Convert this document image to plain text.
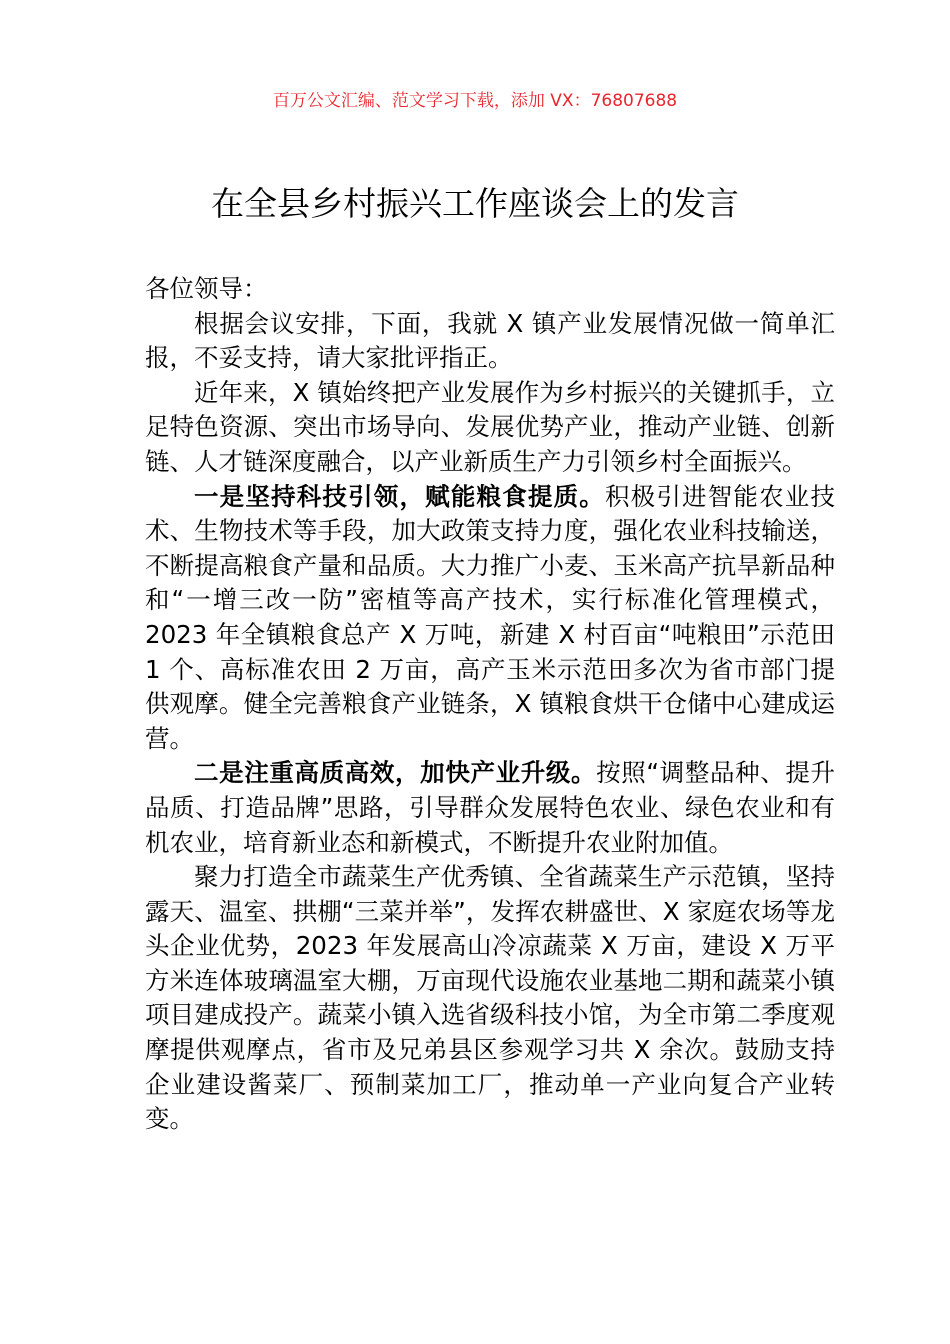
百万公文汇编、范文学习下载，添加 VX：76807688
在全县乡村振兴工作座谈会上的发言

各位领导：

根据会议安排，下面，我就 X 镇产业发展情况做一简单汇报，不妥支持，请大家批评指正。

近年来，X 镇始终把产业发展作为乡村振兴的关键抓手，立足特色资源、突出市场导向、发展优势产业，推动产业链、创新链、人才链深度融合，以产业新质生产力引领乡村全面振兴。

一是坚持科技引领，赋能粮食提质。积极引进智能农业技术、生物技术等手段，加大政策支持力度，强化农业科技输送，不断提高粮食产量和品质。大力推广小麦、玉米高产抗旱新品种和“一增三改一防”密植等高产技术，实行标准化管理模式，2023 年全镇粮食总产 X 万吨，新建 X 村百亩“吨粮田”示范田 1 个、高标准农田 2 万亩，高产玉米示范田多次为省市部门提供观摩。健全完善粮食产业链条，X 镇粮食烘干仓储中心建成运营。

二是注重高质高效，加快产业升级。按照“调整品种、提升品质、打造品牌”思路，引导群众发展特色农业、绿色农业和有机农业，培育新业态和新模式，不断提升农业附加值。

聚力打造全市蔬菜生产优秀镇、全省蔬菜生产示范镇，坚持露天、温室、拱棚“三菜并举”，发挥农耕盛世、X 家庭农场等龙头企业优势，2023 年发展高山冷凉蔬菜 X 万亩，建设 X 万平方米连体玻璃温室大棚，万亩现代设施农业基地二期和蔬菜小镇项目建成投产。蔬菜小镇入选省级科技小馆，为全市第二季度观摩提供观摩点，省市及兄弟县区参观学习共 X 余次。鼓励支持企业建设酱菜厂、预制菜加工厂，推动单一产业向复合产业转变。
